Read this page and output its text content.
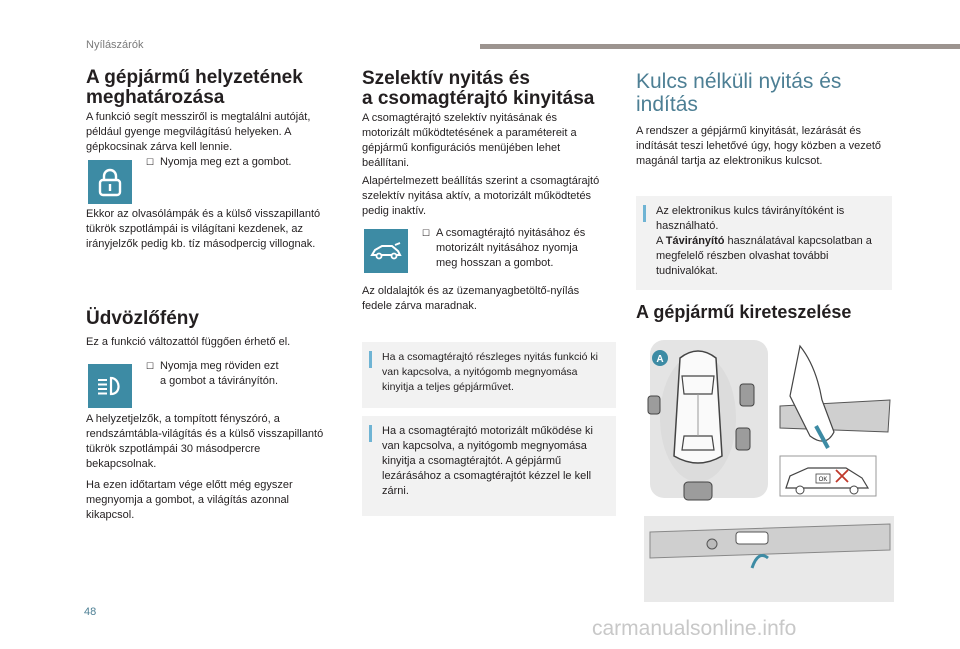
Nyílászárók
A gépjármű helyzetének
meghatározása
A funkció segít messziről is megtalálni autóját, például gyenge megvilágítású helyeken. A gépkocsinak zárva kell lennie.
☐ Nyomja meg ezt a gombot.
Ekkor az olvasólámpák és a külső visszapillantó tükrök szpotlámpái is világítani kezdenek, az irányjelzők pedig kb. tíz másodpercig villognak.
Üdvözlőfény
Ez a funkció változattól függően érhető el.
☐ Nyomja meg röviden ezt
a gombot a távirányítón.
A helyzetjelzők, a tompított fényszóró, a rendszámtábla-világítás és a külső visszapillantó tükrök szpotlámpái 30 másodpercre bekapcsolnak.
Ha ezen időtartam vége előtt még egyszer megnyomja a gombot, a világítás azonnal kikapcsol.
Szelektív nyitás és
a csomagtérajtó kinyitása
A csomagtérajtó szelektív nyitásának és motorizált működtetésének a paramétereit a gépjármű konfigurációs menüjében lehet beállítani.
Alapértelmezett beállítás szerint a csomagtárajtó szelektív nyitása aktív, a motorizált működtetés pedig inaktív.
☐ A csomagtérajtó nyitásához és motorizált nyitásához nyomja meg hosszan a gombot.
Az oldalajtók és az üzemanyagbetöltő-nyílás fedele zárva maradnak.
Ha a csomagtérajtó részleges nyitás funkció ki van kapcsolva, a nyitógomb megnyomása kinyitja a teljes gépjárművet.
Ha a csomagtérajtó motorizált működése ki van kapcsolva, a nyitógomb megnyomása kinyitja a csomagtérajtót. A gépjármű lezárásához a csomagtérajtót kézzel le kell zárni.
Kulcs nélküli nyitás és
indítás
A rendszer a gépjármű kinyitását, lezárását és indítását teszi lehetővé úgy, hogy közben a vezető magánál tartja az elektronikus kulcsot.
Az elektronikus kulcs távirányítóként is használható.
A Távirányító használatával kapcsolatban a megfelelő részben olvashat további tudnivalókat.
A gépjármű kireteszelése
A
OK
48
carmanualsonline.info
